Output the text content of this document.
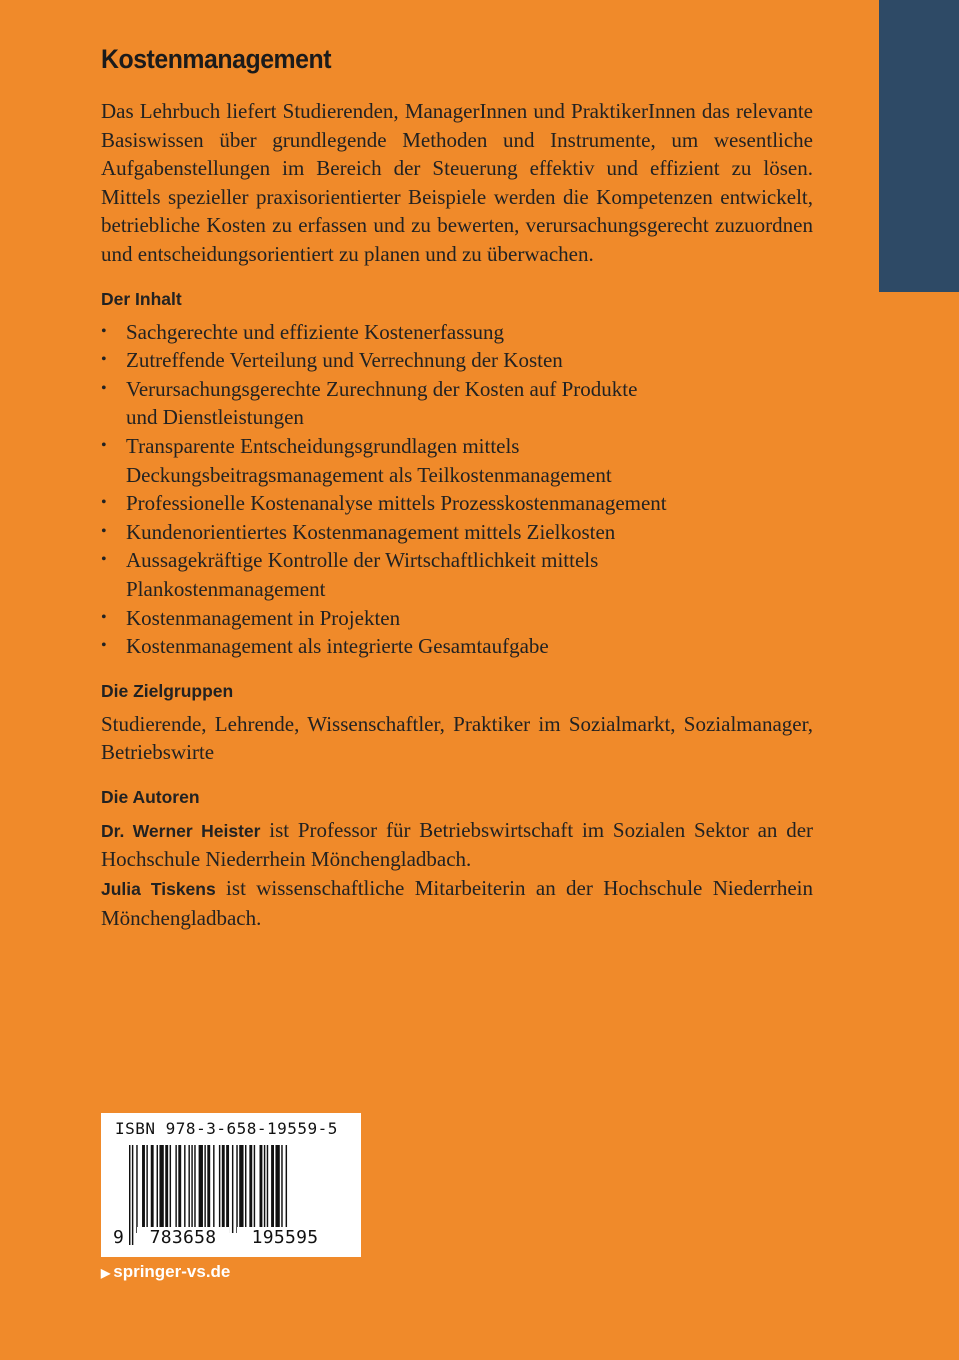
Kostenmanagement

Das Lehrbuch liefert Studierenden, ManagerInnen und PraktikerInnen das relevante Basiswissen über grundlegende Methoden und Instrumente, um wesentliche Aufgabenstellungen im Bereich der Steuerung effektiv und effizient zu lösen. Mittels spezieller praxisorientierter Beispiele werden die Kompetenzen entwickelt, betriebliche Kosten zu erfassen und zu bewerten, verursachungsgerecht zuzuordnen und entscheidungsorientiert zu planen und zu überwachen.

Der Inhalt
• Sachgerechte und effiziente Kostenerfassung
• Zutreffende Verteilung und Verrechnung der Kosten
• Verursachungsgerechte Zurechnung der Kosten auf Produkte und Dienstleistungen
• Transparente Entscheidungsgrundlagen mittels Deckungsbeitragsmanagement als Teilkostenmanagement
• Professionelle Kostenanalyse mittels Prozesskostenmanagement
• Kundenorientiertes Kostenmanagement mittels Zielkosten
• Aussagekräftige Kontrolle der Wirtschaftlichkeit mittels Plankostenmanagement
• Kostenmanagement in Projekten
• Kostenmanagement als integrierte Gesamtaufgabe
Die Zielgruppen

Studierende, Lehrende, Wissenschaftler, Praktiker im Sozialmarkt, Sozialmanager, Betriebswirte

Die Autoren

Dr. Werner Heister ist Professor für Betriebswirtschaft im Sozialen Sektor an der Hochschule Niederrhein Mönchengladbach.

Julia Tiskens ist wissenschaftliche Mitarbeiterin an der Hochschule Niederrhein Mönchengladbach.

ISBN 978-3-658-19559-5
9	783658	195595
▶ springer-vs.de
